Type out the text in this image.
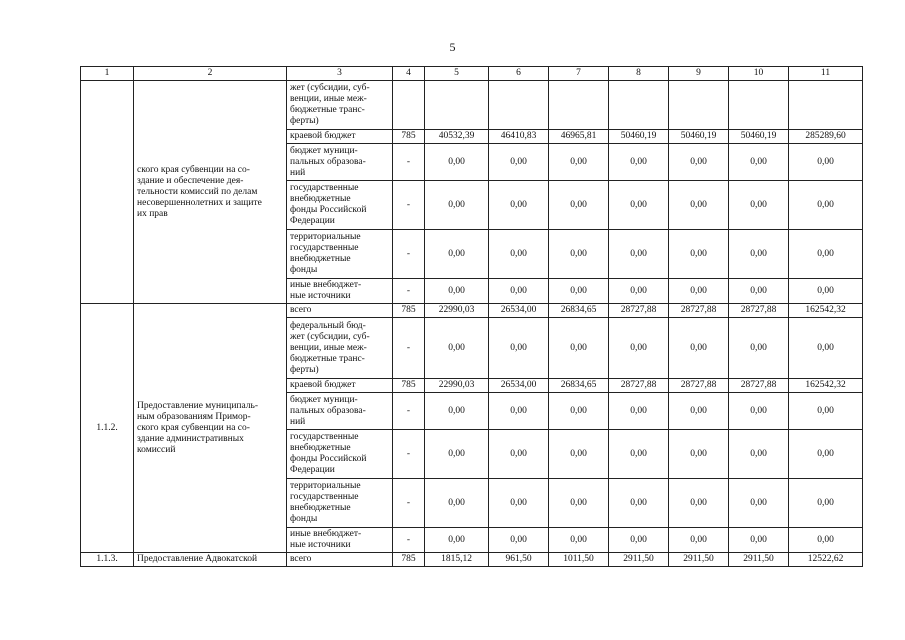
5
1	2	3	4	5	6	7	8	9	10	11
	ского края субвенции на со-
здание и обеспечение дея-
тельности комиссий по делам
несовершеннолетних и защите
их прав	жет (субсидии, суб-
венции, иные меж-
бюджетные транс-
ферты)								
		краевой бюджет	785	40532,39	46410,83	46965,81	50460,19	50460,19	50460,19	285289,60
		бюджет муници-
пальных образова-
ний	-	0,00	0,00	0,00	0,00	0,00	0,00	0,00
		государственные
внебюджетные
фонды Российской
Федерации	-	0,00	0,00	0,00	0,00	0,00	0,00	0,00
		территориальные
государственные
внебюджетные
фонды	-	0,00	0,00	0,00	0,00	0,00	0,00	0,00
		иные внебюджет-
ные источники	-	0,00	0,00	0,00	0,00	0,00	0,00	0,00
1.1.2.	Предоставление муниципаль-
ным образованиям Примор-
ского края субвенции на со-
здание административных
комиссий	всего	785	22990,03	26534,00	26834,65	28727,88	28727,88	28727,88	162542,32
		федеральный бюд-
жет (субсидии, суб-
венции, иные меж-
бюджетные транс-
ферты)	-	0,00	0,00	0,00	0,00	0,00	0,00	0,00
		краевой бюджет	785	22990,03	26534,00	26834,65	28727,88	28727,88	28727,88	162542,32
		бюджет муници-
пальных образова-
ний	-	0,00	0,00	0,00	0,00	0,00	0,00	0,00
		государственные
внебюджетные
фонды Российской
Федерации	-	0,00	0,00	0,00	0,00	0,00	0,00	0,00
		территориальные
государственные
внебюджетные
фонды	-	0,00	0,00	0,00	0,00	0,00	0,00	0,00
		иные внебюджет-
ные источники	-	0,00	0,00	0,00	0,00	0,00	0,00	0,00
1.1.3.	Предоставление Адвокатской	всего	785	1815,12	961,50	1011,50	2911,50	2911,50	2911,50	12522,62
